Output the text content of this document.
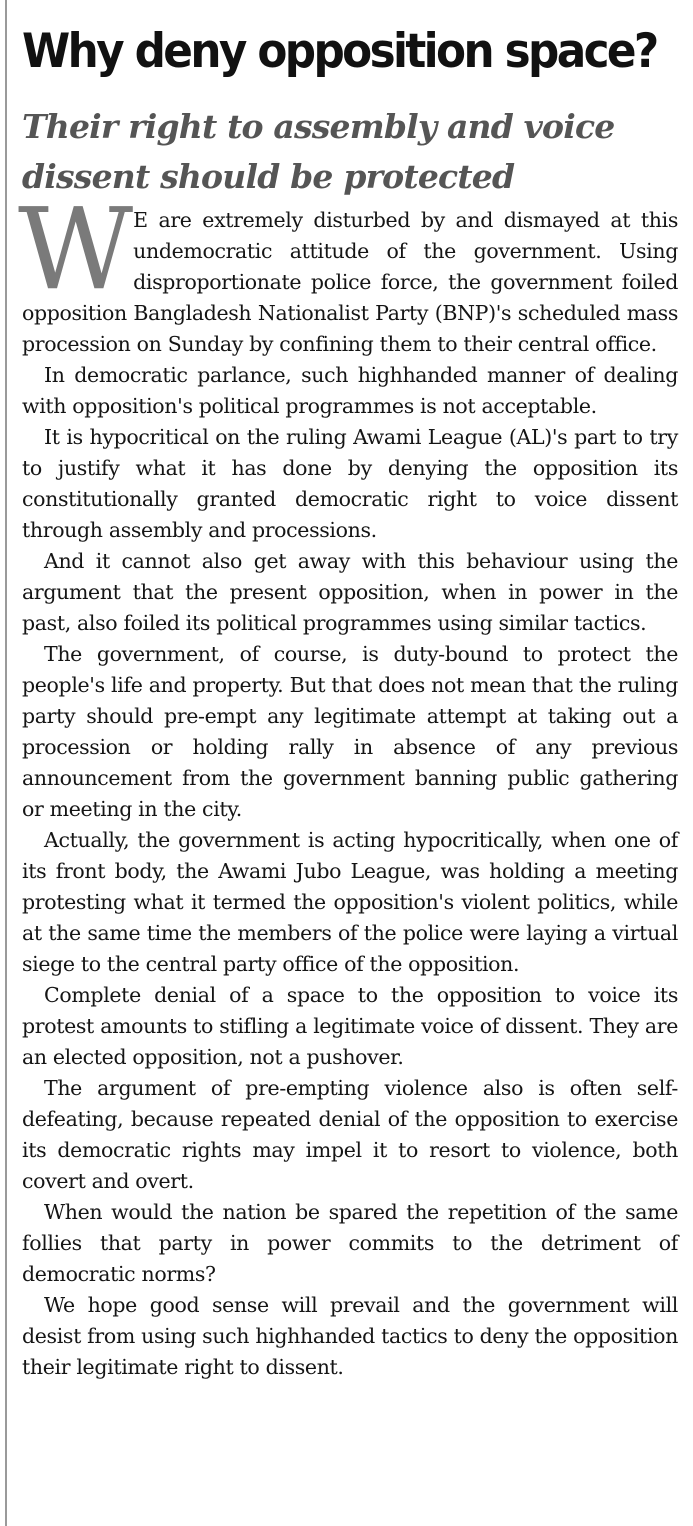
Why deny opposition space?
Their right to assembly and voice dissent should be protected

W E are extremely disturbed by and dismayed at this undemocratic attitude of the government. Using disproportionate police force, the government foiled opposition Bangladesh Nationalist Party (BNP)'s scheduled mass procession on Sunday by confining them to their central office.

In democratic parlance, such highhanded manner of dealing with opposition's political programmes is not acceptable.

It is hypocritical on the ruling Awami League (AL)'s part to try to justify what it has done by denying the opposition its constitutionally granted democratic right to voice dissent through assembly and processions.

And it cannot also get away with this behaviour using the argument that the present opposition, when in power in the past, also foiled its political programmes using similar tactics.

The government, of course, is duty-bound to protect the people's life and property. But that does not mean that the ruling party should pre-empt any legitimate attempt at taking out a procession or holding rally in absence of any previous announcement from the government banning public gathering or meeting in the city.

Actually, the government is acting hypocritically, when one of its front body, the Awami Jubo League, was holding a meeting protesting what it termed the opposition's violent politics, while at the same time the members of the police were laying a virtual siege to the central party office of the opposition.

Complete denial of a space to the opposition to voice its protest amounts to stifling a legitimate voice of dissent. They are an elected opposition, not a pushover.

The argument of pre-empting violence also is often self-defeating, because repeated denial of the opposition to exercise its democratic rights may impel it to resort to violence, both covert and overt.

When would the nation be spared the repetition of the same follies that party in power commits to the detriment of democratic norms?

We hope good sense will prevail and the government will desist from using such highhanded tactics to deny the opposition their legitimate right to dissent.
